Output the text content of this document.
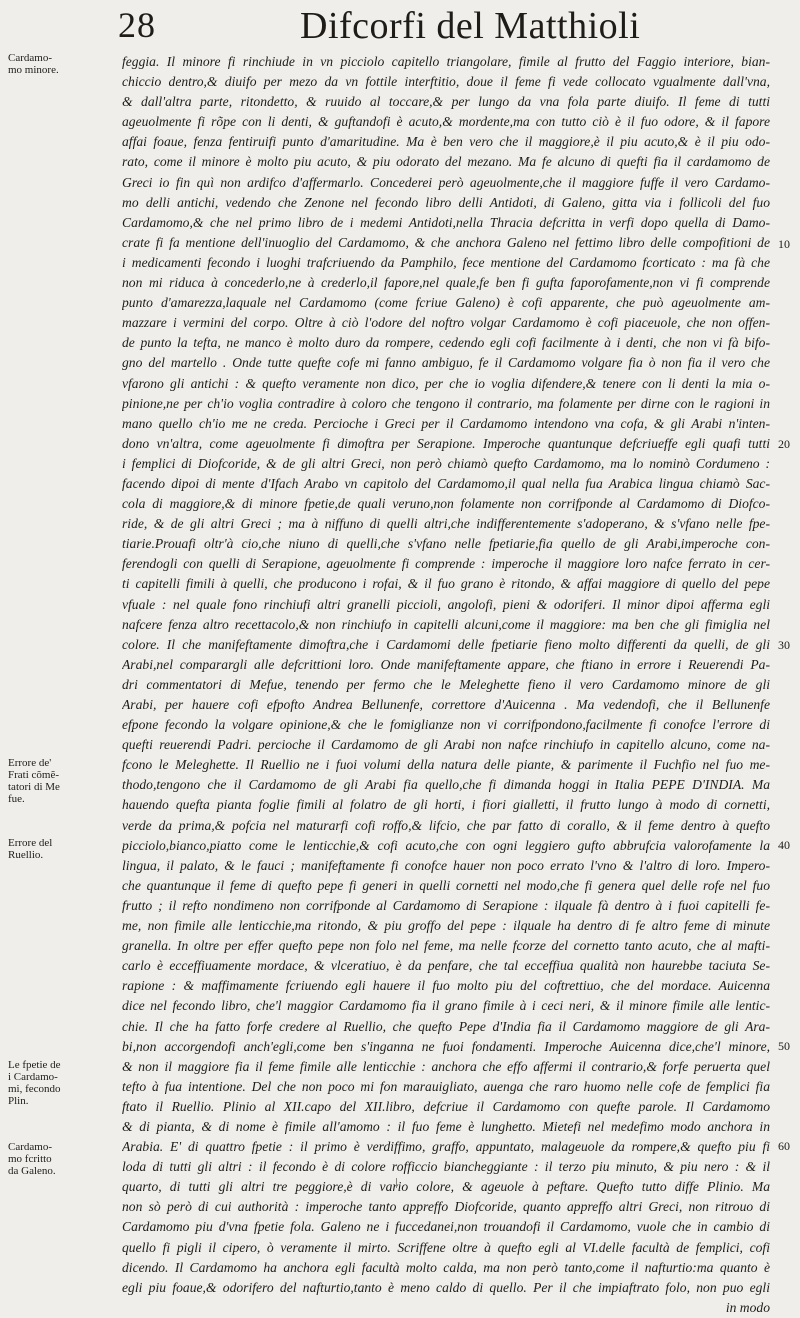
28	Difcorfi del Matthioli
feggia. Il minore fi rinchiude in vn picciolo capitello triangolare, fimile al frutto del Faggio interiore, bian-
chiccio dentro,& diuifo per mezo da vn fottile interftitio, doue il feme fi vede collocato vgualmente dall'vna,
& dall'altra parte, ritondetto, & ruuido al toccare,& per lungo da vna fola parte diuifo. Il feme di tutti
ageuolmente fi rõpe con li denti, & guftandofi è acuto,& mordente,ma con tutto ciò è il fuo odore, & il fapore
affai foaue, fenza fentiruifi punto d'amaritudine. Ma è ben vero che il maggiore,è il piu acuto,& è il piu odo-
rato, come il minore è molto piu acuto, & piu odorato del mezano. Ma fe alcuno di quefti fia il cardamomo de
Greci io fin quì non ardifco d'affermarlo. Concederei però ageuolmente,che il maggiore fuffe il vero Cardamo-
mo delli antichi, vedendo che Zenone nel fecondo libro delli Antidoti, di Galeno, gitta via i follicoli del fuo
Cardamomo,& che nel primo libro de i medemi Antidoti,nella Thracia defcritta in verfi dopo quella di Damo-
crate fi fa mentione dell'inuoglio del Cardamomo, & che anchora Galeno nel fettimo libro delle compofitioni de
i medicamenti fecondo i luoghi trafcriuendo da Pamphilo, fece mentione del Cardamomo fcorticato : ma fà che
non mi riduca à concederlo,ne à crederlo,il fapore,nel quale,fe ben fi gufta faporofamente,non vi fi comprende
punto d'amarezza,laquale nel Cardamomo (come fcriue Galeno) è cofi apparente, che può ageuolmente am-
mazzare i vermini del corpo. Oltre à ciò l'odore del noftro volgar Cardamomo è cofi piaceuole, che non offen-
de punto la tefta, ne manco è molto duro da rompere, cedendo egli cofi facilmente à i denti, che non vi fà bifo-
gno del martello . Onde tutte quefte cofe mi fanno ambiguo, fe il Cardamomo volgare fia ò non fia il vero che
vfarono gli antichi : & quefto veramente non dico, per che io voglia difendere,& tenere con li denti la mia o-
pinione,ne per ch'io voglia contradire à coloro che tengono il contrario, ma folamente per dirne con le ragioni in
mano quello ch'io me ne creda. Percioche i Greci per il Cardamomo intendono vna cofa, & gli Arabi n'inten-
dono vn'altra, come ageuolmente fi dimoftra per Serapione. Imperoche quantunque defcriueffe egli quafi tutti
i femplici di Diofcoride, & de gli altri Greci, non però chiamò quefto Cardamomo, ma lo nominò Cordumeno :
facendo dipoi di mente d'Ifach Arabo vn capitolo del Cardamomo,il qual nella fua Arabica lingua chiamò Sac-
cola di maggiore,& di minore fpetie,de quali veruno,non folamente non corrifponde al Cardamomo di Diofco-
ride, & de gli altri Greci ; ma à niffuno di quelli altri,che indifferentemente s'adoperano, & s'vfano nelle fpe-
tiarie.Prouafi oltr'à cio,che niuno di quelli,che s'vfano nelle fpetiarie,fia quello de gli Arabi,imperoche con-
ferendogli con quelli di Serapione, ageuolmente fi comprende : imperoche il maggiore loro nafce ferrato in cer-
ti capitelli fimili à quelli, che producono i rofai, & il fuo grano è ritondo, & affai maggiore di quello del pepe
vfuale : nel quale fono rinchiufi altri granelli piccioli, angolofi, pieni & odoriferi. Il minor dipoi afferma egli
nafcere fenza altro recettacolo,& non rinchiufo in capitelli alcuni,come il maggiore: ma ben che gli fimiglia nel
colore. Il che manifeftamente dimoftra,che i Cardamomi delle fpetiarie fieno molto differenti da quelli, de gli
Arabi,nel comparargli alle defcrittioni loro. Onde manifeftamente appare, che ftiano in errore i Reuerendi Pa-
dri commentatori di Mefue, tenendo per fermo che le Meleghette fieno il vero Cardamomo minore de gli
Arabi, per hauere cofi efpofto Andrea Bellunenfe, correttore d'Auicenna . Ma vedendofi, che il Bellunenfe
efpone fecondo la volgare opinione,& che le fomiglianze non vi corrifpondono,facilmente fi conofce l'errore di
quefti reuerendi Padri. percioche il Cardamomo de gli Arabi non nafce rinchiufo in capitello alcuno, come na-
fcono le Meleghette. Il Ruellio ne i fuoi volumi della natura delle piante, & parimente il Fuchfio nel fuo me-
thodo,tengono che il Cardamomo de gli Arabi fia quello,che fi dimanda hoggi in Italia PEPE D'INDIA. Ma
hauendo quefta pianta foglie fimili al folatro de gli horti, i fiori gialletti, il frutto lungo à modo di cornetti,
verde da prima,& pofcia nel maturarfi cofi roffo,& lifcio, che par fatto di corallo, & il feme dentro à quefto
picciolo,bianco,piatto come le lenticchie,& cofi acuto,che con ogni leggiero gufto abbrufcia valorofamente la
lingua, il palato, & le fauci ; manifeftamente fi conofce hauer non poco errato l'vno & l'altro di loro. Impero-
che quantunque il feme di quefto pepe fi generi in quelli cornetti nel modo,che fi genera quel delle rofe nel fuo
frutto ; il refto nondimeno non corrifponde al Cardamomo di Serapione : ilquale fà dentro à i fuoi capitelli fe-
me, non fimile alle lenticchie,ma ritondo, & piu groffo del pepe : ilquale ha dentro di fe altro feme di minute
granella. In oltre per effer quefto pepe non folo nel feme, ma nelle fcorze del cornetto tanto acuto, che al mafti-
carlo è ecceffiuamente mordace, & vlceratiuo, è da penfare, che tal ecceffiua qualità non haurebbe taciuta Se-
rapione : & maffimamente fcriuendo egli hauere il fuo molto piu del coftrettiuo, che del mordace. Auicenna
dice nel fecondo libro, che'l maggior Cardamomo fia il grano fimile à i ceci neri, & il minore fimile alle lentic-
chie. Il che ha fatto forfe credere al Ruellio, che quefto Pepe d'India fia il Cardamomo maggiore de gli Ara-
bi,non accorgendofi anch'egli,come ben s'inganna ne fuoi fondamenti. Imperoche Auicenna dice,che'l minore,
& non il maggiore fia il feme fimile alle lenticchie : anchora che effo affermi il contrario,& forfe peruerta quel
tefto à fua intentione. Del che non poco mi fon marauigliato, auenga che raro huomo nelle cofe de femplici fia
ftato il Ruellio. Plinio al XII.capo del XII.libro, defcriue il Cardamomo con quefte parole. Il Cardamomo
& di pianta, & di nome è fimile all'amomo : il fuo feme è lunghetto. Mietefi nel medefimo modo anchora in
Arabia. E' di quattro fpetie : il primo è verdiffimo, graffo, appuntato, malageuole da rompere,& quefto piu fi
loda di tutti gli altri : il fecondo è di colore rofficcio biancheggiante : il terzo piu minuto, & piu nero : & il
quarto, di tutti gli altri tre peggiore,è di vario colore, & ageuole à peftare. Quefto tutto diffe Plinio. Ma
non sò però di cui authorità : imperoche tanto appreffo Diofcoride, quanto appreffo altri Greci, non ritrouo di
Cardamomo piu d'vna fpetie fola. Galeno ne i fuccedanei,non trouandofi il Cardamomo, vuole che in cambio di
quello fi pigli il cipero, ò veramente il mirto. Scriffene oltre à quefto egli al VI.delle facultà de femplici, cofi
dicendo. Il Cardamomo ha anchora egli facultà molto calda, ma non però tanto,come il nafturtio:ma quanto è
egli piu foaue,& odorifero del nafturtio,tanto è meno caldo di quello. Per il che impiaftrato folo, non puo egli
in modo
Cardamo-
mo minore.
Errore de'
Frati cõmẽ-
tatori di Me
fue.
Errore del
Ruellio.
Le fpetie de
i Cardamo-
mi, fecondo
Plin.
Cardamo-
mo fcritto
da Galeno.
10
20
30
40
50
60
